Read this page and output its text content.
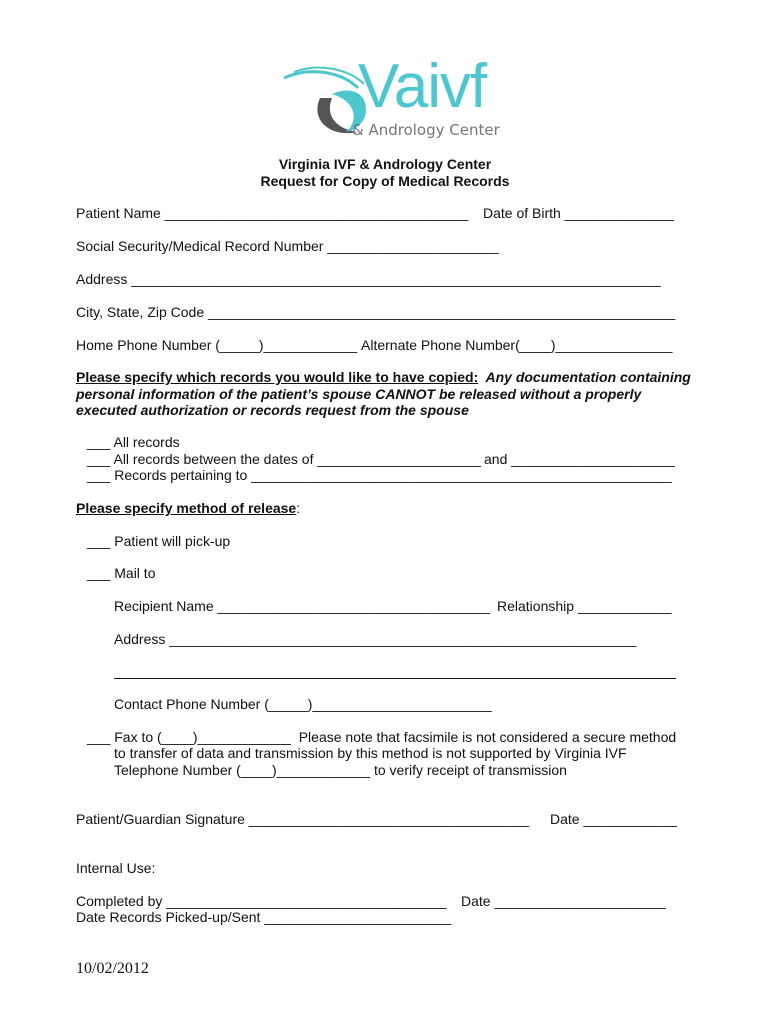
Vaivf
& Andrology Center
Virginia IVF & Andrology Center
Request for Copy of Medical Records
Patient Name _______________________________________ Date of Birth ______________
Social Security/Medical Record Number ______________________
Address ____________________________________________________________________
City, State, Zip Code ____________________________________________________________
Home Phone Number (_____)____________ Alternate Phone Number(____)_______________
Please specify which records you would like to have copied:  Any documentation containing
personal information of the patient’s spouse CANNOT be released without a properly
executed authorization or records request from the spouse
___ All records
___ All records between the dates of _____________________ and _____________________
___ Records pertaining to ______________________________________________________
Please specify method of release:
___ Patient will pick-up
___ Mail to
Recipient Name ___________________________________ Relationship ____________
Address ____________________________________________________________
Contact Phone Number (_____)_______________________
___ Fax to (____)____________  Please note that facsimile is not considered a secure method
to transfer of data and transmission by this method is not supported by Virginia IVF
Telephone Number (____)____________ to verify receipt of transmission
Patient/Guardian Signature ____________________________________ Date ____________
Internal Use:
Completed by ____________________________________ Date ______________________
Date Records Picked-up/Sent ________________________
10/02/2012
